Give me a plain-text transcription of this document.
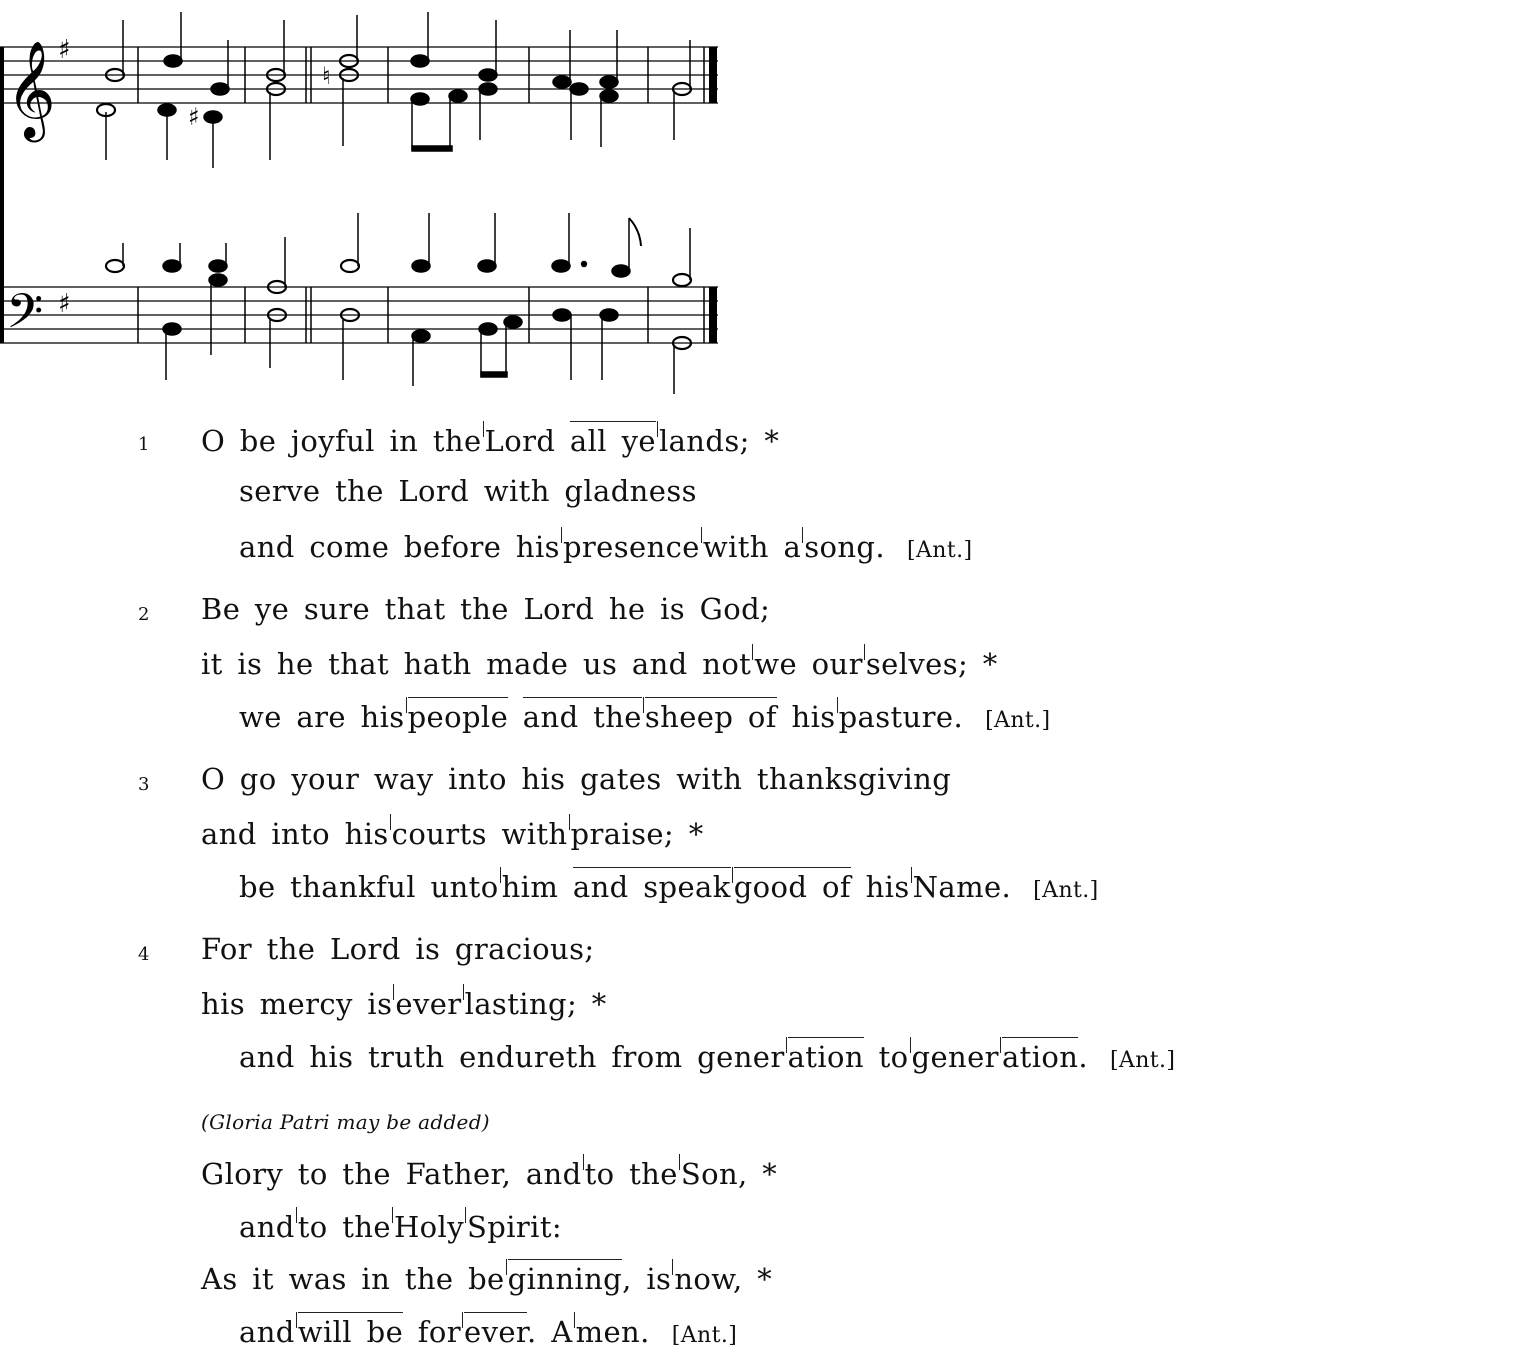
𝄞 ♯
𝄢 ♯
♯
♮
1 O be joyful in the Lord all ye lands; *
serve the Lord with gladness
and come before his presence with a song. [Ant.]
2 Be ye sure that the Lord he is God;
it is he that hath made us and not we our selves; *
we are his people and the sheep of his pasture. [Ant.]
3 O go your way into his gates with thanksgiving
and into his courts with praise; *
be thankful unto him and speak good of his Name. [Ant.]
4 For the Lord is gracious;
his mercy is ever lasting; *
and his truth endureth from gener ation to gener ation. [Ant.]
(Gloria Patri may be added)
Glory to the Father, and to the Son, *
and to the Holy Spirit:
As it was in the be ginning, is now, *
and will be for ever. A men. [Ant.]
